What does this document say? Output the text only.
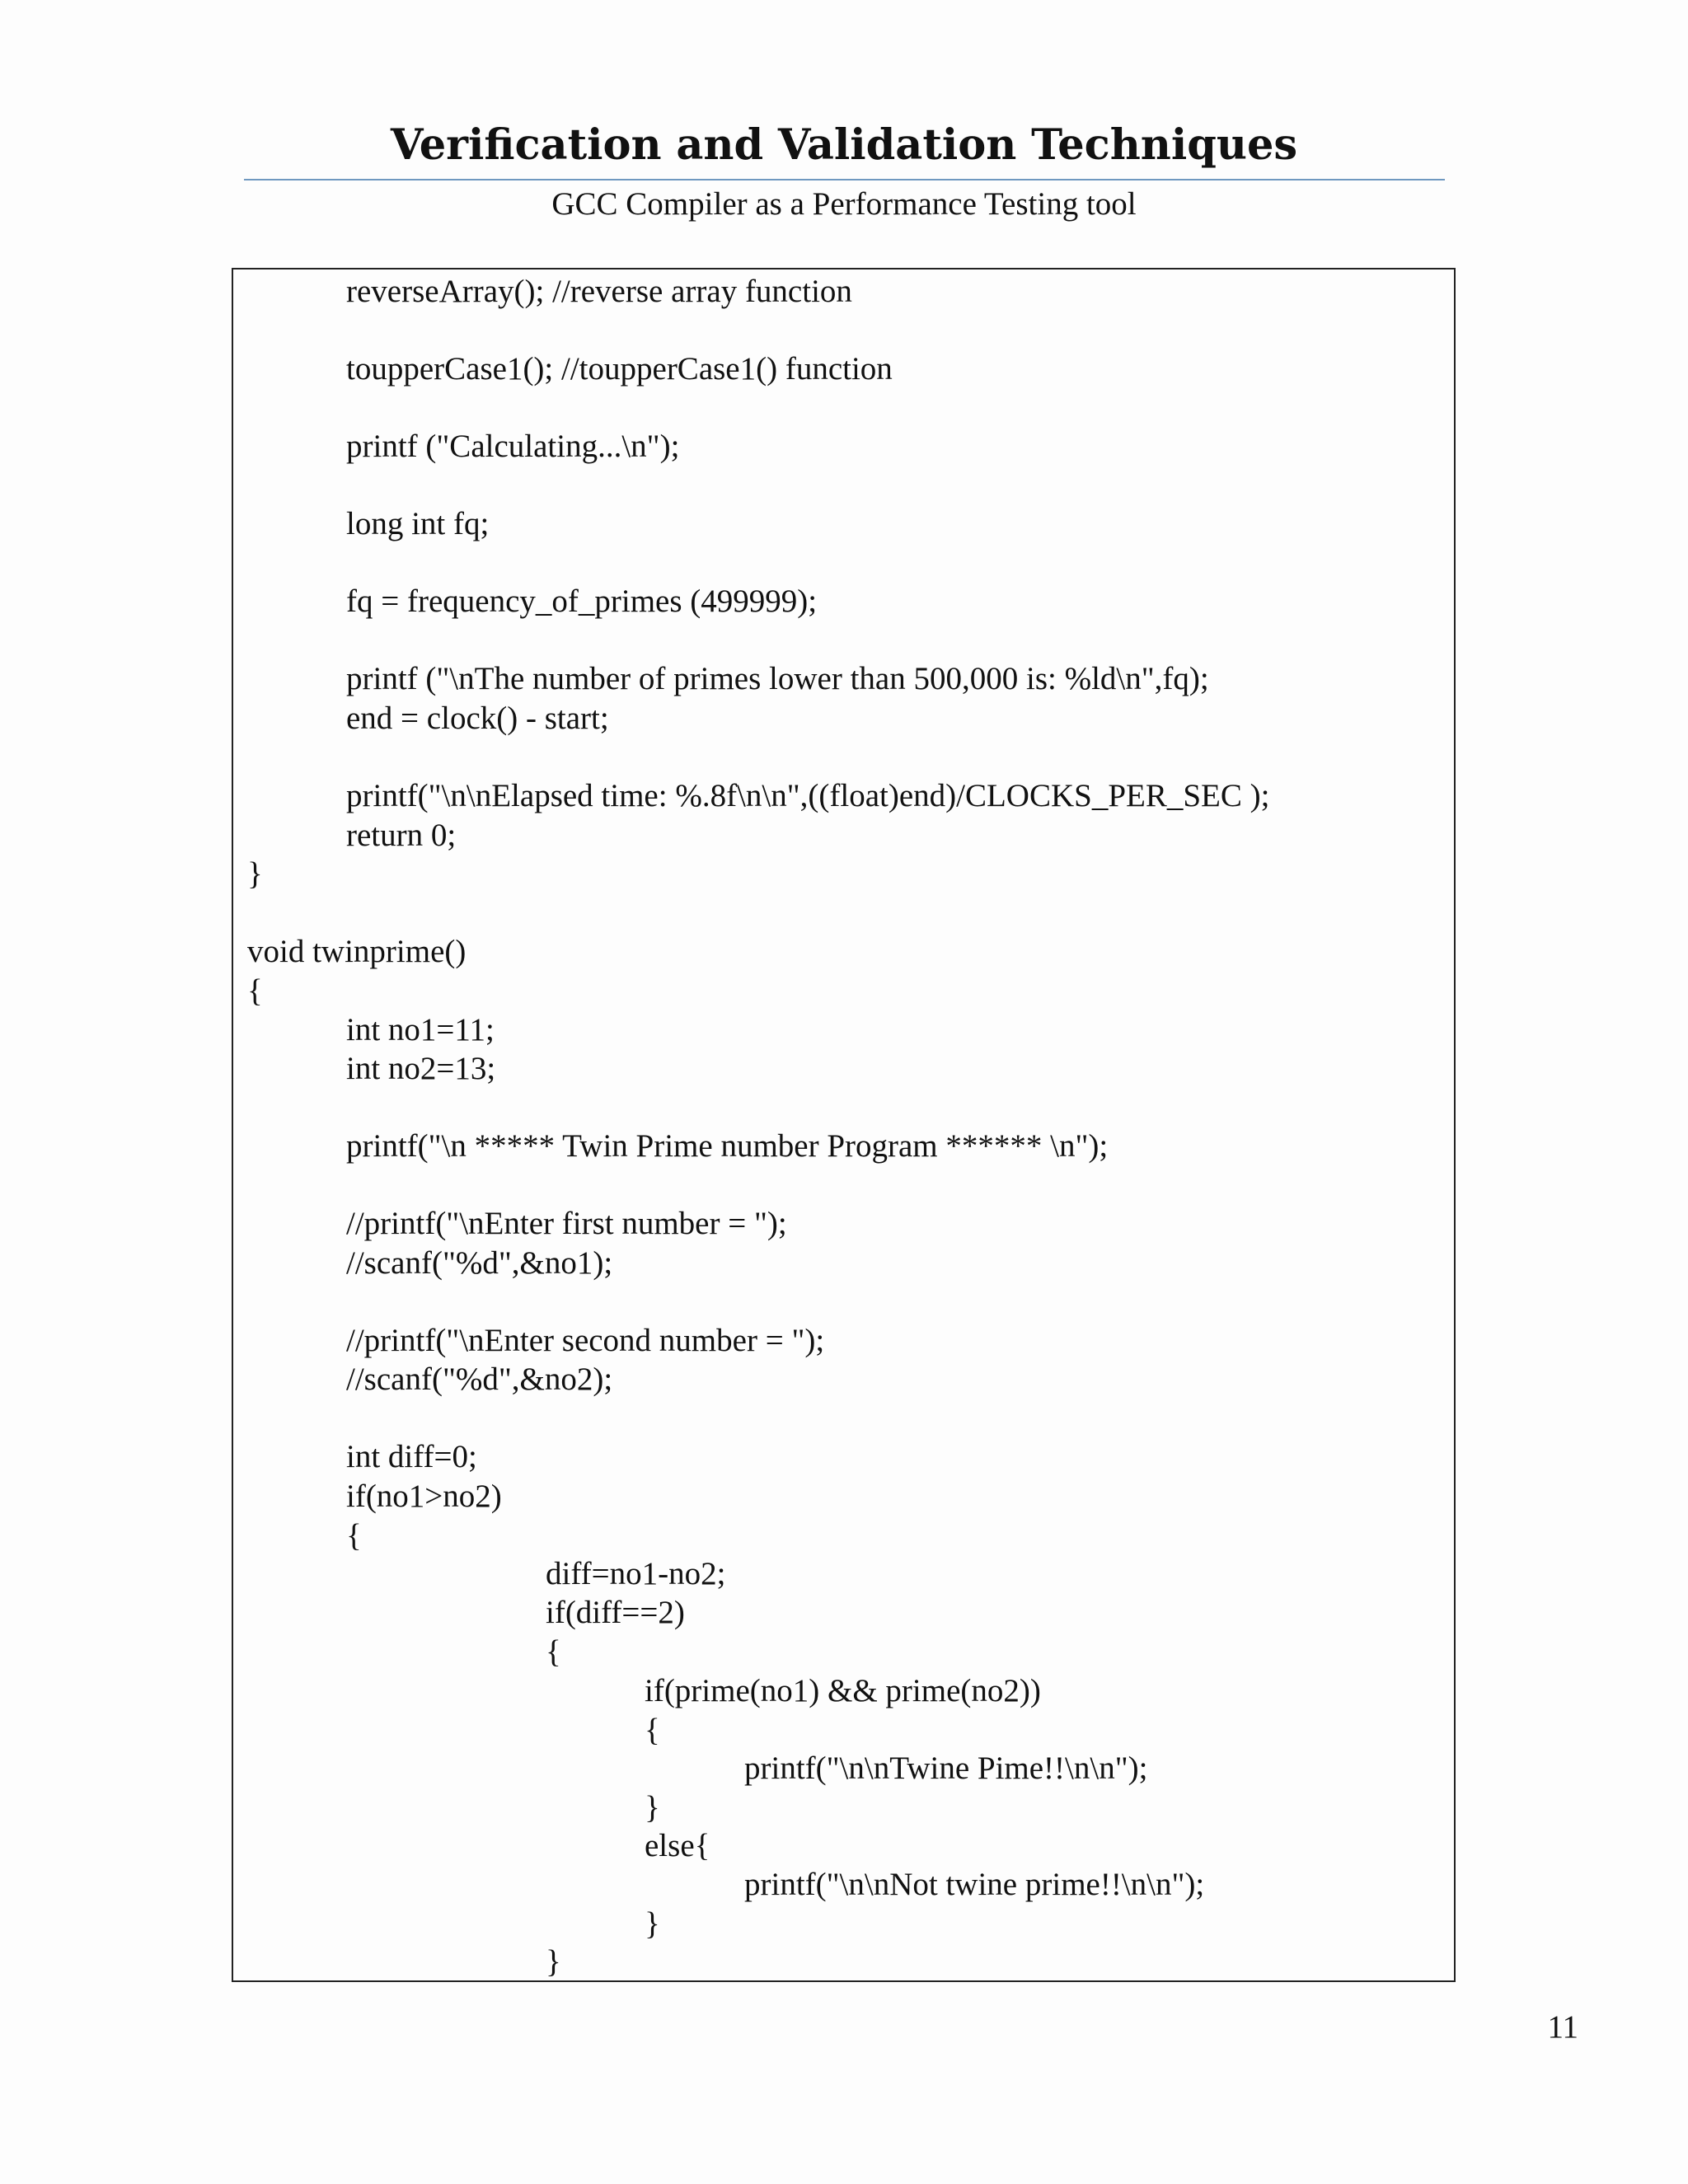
Verification and Validation Techniques
GCC Compiler as a Performance Testing tool
reverseArray(); //reverse array function
toupperCase1(); //toupperCase1() function
printf ("Calculating...\n");
long int fq;
fq = frequency_of_primes (499999);
printf ("\nThe number of primes lower than 500,000 is: %ld\n",fq);
end = clock() - start;
printf("\n\nElapsed time: %.8f\n\n",((float)end)/CLOCKS_PER_SEC );
return 0;
}
void twinprime()
{
int no1=11;
int no2=13;
printf("\n ***** Twin Prime number Program ****** \n");
//printf("\nEnter first number = ");
//scanf("%d",&no1);
//printf("\nEnter second number = ");
//scanf("%d",&no2);
int diff=0;
if(no1>no2)
{
diff=no1-no2;
if(diff==2)
{
if(prime(no1) && prime(no2))
{
printf("\n\nTwine Pime!!\n\n");
}
else{
printf("\n\nNot twine prime!!\n\n");
}
}
11
